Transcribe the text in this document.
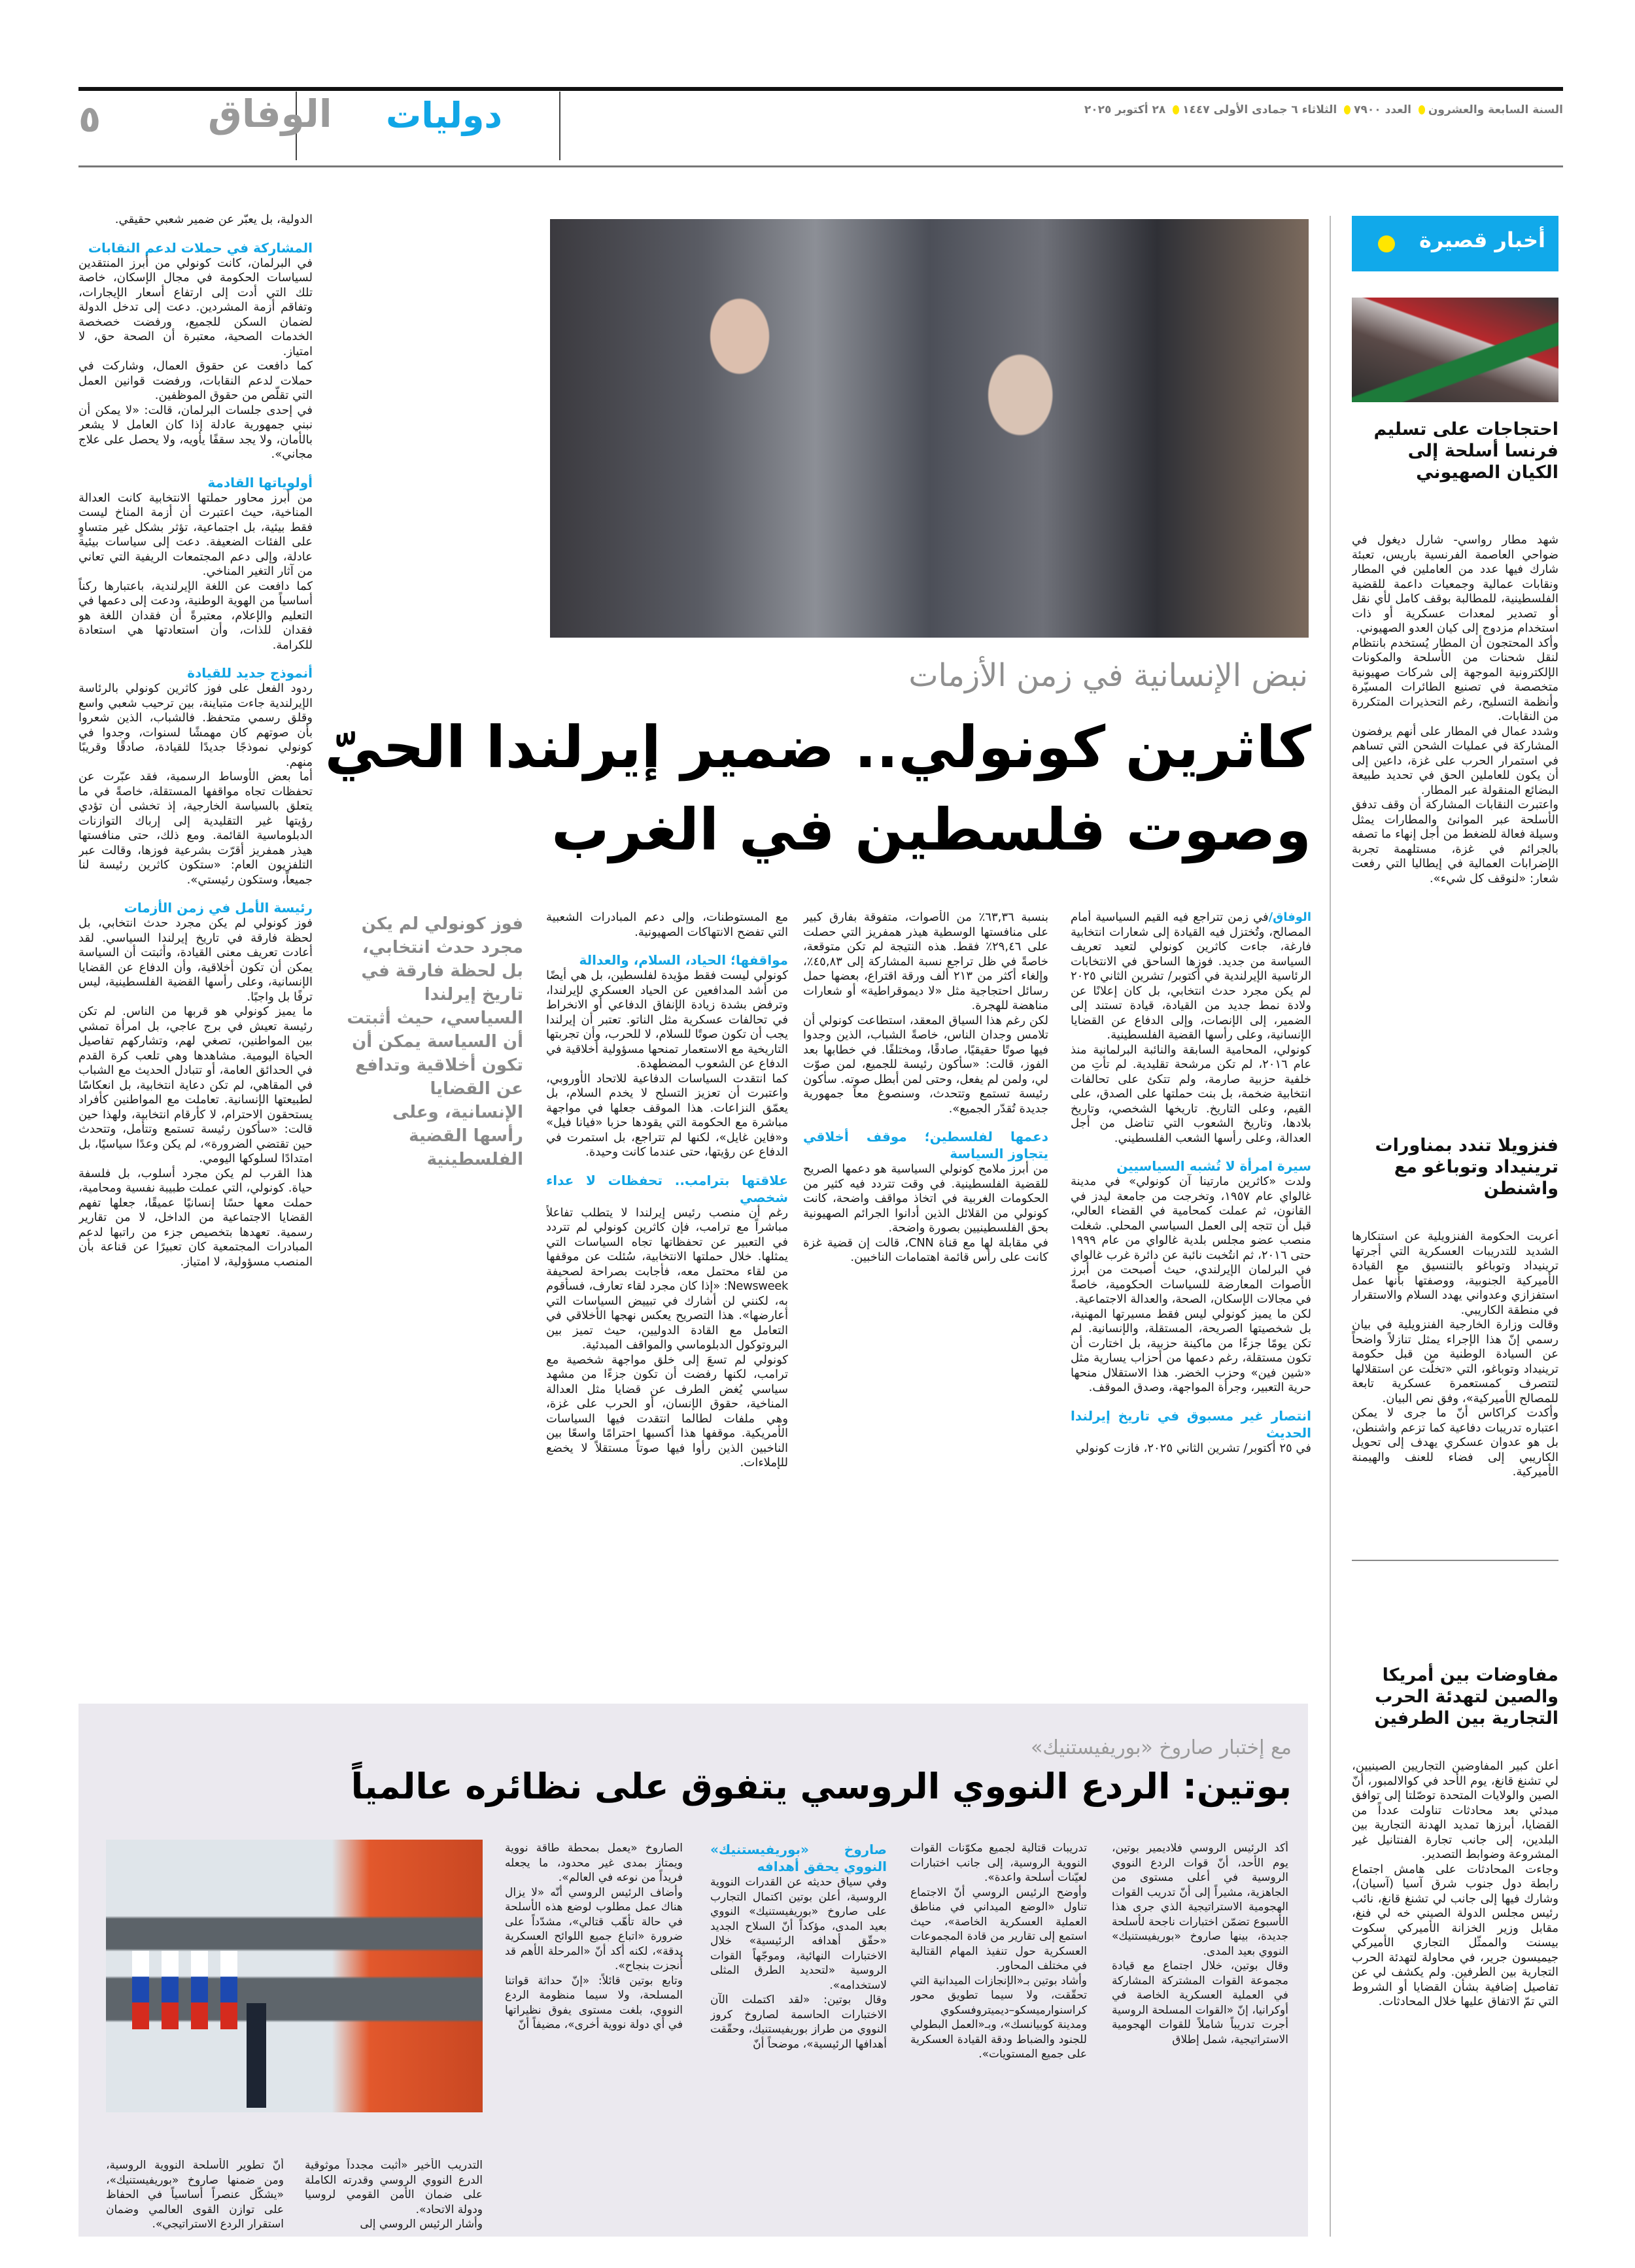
السنة السابعة والعشرون العدد ٧٩٠٠ الثلاثاء ٦ جمادى الأولى ١٤٤٧ ٢٨ أكتوبر ٢٠٢٥
دوليات
الوفاق
٥
أخبار قصيرة
احتجاجات على تسليم فرنسا أسلحة إلى الكيان الصهيوني

شهد مطار رواسي- شارل ديغول في ضواحي العاصمة الفرنسية باريس، تعبئة شارك فيها عدد من العاملين في المطار ونقابات عمالية وجمعيات داعمة للقضية الفلسطينية، للمطالبة بوقف كامل لأي نقل أو تصدير لمعدات عسكرية أو ذات استخدام مزدوج إلى كيان العدو الصهيوني.

وأكد المحتجون أن المطار يُستخدم بانتظام لنقل شحنات من الأسلحة والمكونات الإلكترونية الموجهة إلى شركات صهيونية متخصصة في تصنيع الطائرات المسيّرة وأنظمة التسليح، رغم التحذيرات المتكررة من النقابات.

وشدد عمال في المطار على أنهم يرفضون المشاركة في عمليات الشحن التي تساهم في استمرار الحرب على غزة، داعين إلى أن يكون للعاملين الحق في تحديد طبيعة البضائع المنقولة عبر المطار.

واعتبرت النقابات المشاركة أن وقف تدفق الأسلحة عبر الموانئ والمطارات يمثل وسيلة فعالة للضغط من أجل إنهاء ما تصفه بالجرائم في غزة، مستلهمة تجربة الإضرابات العمالية في إيطاليا التي رفعت شعار: «لنوقف كل شيء».

فنزويلا تندد بمناورات ترينيداد وتوباغو مع واشنطن

أعربت الحكومة الفنزويلية عن استنكارها الشديد للتدريبات العسكرية التي أجرتها ترينيداد وتوباغو بالتنسيق مع القيادة الأميركية الجنوبية، ووصفتها بأنها عمل استفزازي وعدواني يهدد السلام والاستقرار في منطقة الكاريبي.

وقالت وزارة الخارجية الفنزويلية في بيان رسمي إنّ هذا الإجراء يمثل تنازلاً واضحاً عن السيادة الوطنية من قبل حكومة ترينيداد وتوباغو، التي «تخلّت عن استقلالها لتتصرف كمستعمرة عسكرية تابعة للمصالح الأميركية»، وفق نص البيان.

وأكدت كراكاس أنّ ما جرى لا يمكن اعتباره تدريبات دفاعية كما تزعم واشنطن، بل هو عدوان عسكري يهدف إلى تحويل الكاريبي إلى فضاء للعنف والهيمنة الأميركية.

مفاوضات بين أمريكا والصين لتهدئة الحرب التجارية بين الطرفين

أعلن كبير المفاوضين التجاريين الصينيين، لي تشنغ قانغ، يوم الأحد في كوالالمبور، أنّ الصين والولايات المتحدة توصّلتا إلى توافق مبدئي بعد محادثات تناولت عدداً من القضايا، أبرزها تمديد الهدنة التجارية بين البلدين، إلى جانب تجارة الفنتانيل غير المشروعة وضوابط التصدير.

وجاءت المحادثات على هامش اجتماع رابطة دول جنوب شرق آسيا (آسيان)، وشارك فيها إلى جانب لي تشنغ قانغ، نائب رئيس مجلس الدولة الصيني خه لي فنغ، مقابل وزير الخزانة الأميركي سكوت بيسنت والممثّل التجاري الأميركي جيميسون جرير، في محاولة لتهدئة الحرب التجارية بين الطرفين. ولم يكشف لي عن تفاصيل إضافية بشأن القضايا أو الشروط التي تمّ الاتفاق عليها خلال المحادثات.

نبض الإنسانية في زمن الأزمات
كاثرين كونولي.. ضمير إيرلندا الحيّ
وصوت فلسطين في الغرب
فوز كونولي لم يكن مجرد حدث انتخابي، بل لحظة فارقة في تاريخ إيرلندا السياسي، حيث أثبتت أن السياسة يمكن أن تكون أخلاقية وتدافع عن القضايا الإنسانية، وعلى رأسها القضية الفلسطينية

الوفاق/في زمن تتراجع فيه القيم السياسية أمام المصالح، وتُختزل فيه القيادة إلى شعارات انتخابية فارغة، جاءت كاثرين كونولي لتعيد تعريف السياسة من جديد. فوزها الساحق في الانتخابات الرئاسية الإيرلندية في أكتوبر/ تشرين الثاني ٢٠٢٥ لم يكن مجرد حدث انتخابي، بل كان إعلانًا عن ولادة نمط جديد من القيادة، قيادة تستند إلى الضمير، إلى الإنصات، وإلى الدفاع عن القضايا الإنسانية، وعلى رأسها القضية الفلسطينية.

كونولي، المحامية السابقة والنائبة البرلمانية منذ عام ٢٠١٦، لم تكن مرشحة تقليدية. لم تأتِ من خلفية حزبية صارمة، ولم تتكئ على تحالفات انتخابية ضخمة، بل بنت حملتها على الصدق، على القيم، وعلى التاريخ. تاريخها الشخصي، وتاريخ بلادها، وتاريخ الشعوب التي تناضل من أجل العدالة، وعلى رأسها الشعب الفلسطيني.

سيرة امرأة لا تُشبه السياسيين

ولدت «كاثرين مارتينا آن كونولي» في مدينة غالواي عام ١٩٥٧، وتخرجت من جامعة ليدز في القانون، ثم عملت كمحامية في القضاء العالي، قبل أن تتجه إلى العمل السياسي المحلي. شغلت منصب عضو مجلس بلدية غالواي من عام ١٩٩٩ حتى ٢٠١٦، ثم انتُخبت نائبة عن دائرة غرب غالواي في البرلمان الإيرلندي، حيث أصبحت من أبرز الأصوات المعارضة للسياسات الحكومية، خاصةً في مجالات الإسكان، الصحة، والعدالة الاجتماعية.

لكن ما يميز كونولي ليس فقط مسيرتها المهنية، بل شخصيتها الصريحة، المستقلة، والإنسانية. لم تكن يومًا جزءًا من ماكينة حزبية، بل اختارت أن تكون مستقلة، رغم دعمها من أحزاب يسارية مثل «شين فين» وحزب الخضر. هذا الاستقلال منحها حرية التعبير، وجرأة المواجهة، وصدق الموقف.

انتصار غير مسبوق في تاريخ إيرلندا الحديث

في ٢٥ أكتوبر/ تشرين الثاني ٢٠٢٥، فازت كونولي

بنسبة ٦٣,٣٦٪ من الأصوات، متفوقة بفارق كبير على منافستها الوسطية هيذر همفريز التي حصلت على ٢٩,٤٦٪ فقط. هذه النتيجة لم تكن متوقعة، خاصةً في ظل تراجع نسبة المشاركة إلى ٤٥,٨٣٪، وإلغاء أكثر من ٢١٣ ألف ورقة اقتراع، بعضها حمل رسائل احتجاجية مثل «لا ديموقراطية» أو شعارات مناهضة للهجرة.

لكن رغم هذا السياق المعقد، استطاعت كونولي أن تلامس وجدان الناس، خاصةً الشباب، الذين وجدوا فيها صوتًا حقيقيًا، صادقًا، ومختلفًا. في خطابها بعد الفوز، قالت: «سأكون رئيسة للجميع، لمن صوّت لي، ولمن لم يفعل، وحتى لمن أبطل صوته. سأكون رئيسة تستمع وتتحدث، وسنصوغ معاً جمهورية جديدة تُقدّر الجميع».

دعمها لفلسطين؛ موقف أخلاقي يتجاوز السياسة

من أبرز ملامح كونولي السياسية هو دعمها الصريح للقضية الفلسطينية. في وقت تتردد فيه كثير من الحكومات الغربية في اتخاذ مواقف واضحة، كانت كونولي من القلائل الذين أدانوا الجرائم الصهيونية بحق الفلسطينيين بصورة واضحة.

في مقابلة لها مع قناة CNN، قالت إن قضية غزة كانت على رأس قائمة اهتمامات الناخبين.

مع المستوطنات، وإلى دعم المبادرات الشعبية التي تفضح الانتهاكات الصهيونية.

مواقفها؛ الحياد، السلام، والعدالة

كونولي ليست فقط مؤيدة لفلسطين، بل هي أيضًا من أشد المدافعين عن الحياد العسكري لإيرلندا، وترفض بشدة زيادة الإنفاق الدفاعي أو الانخراط في تحالفات عسكرية مثل الناتو. تعتبر أن إيرلندا يجب أن تكون صوتًا للسلام، لا للحرب، وأن تجربتها التاريخية مع الاستعمار تمنحها مسؤولية أخلاقية في الدفاع عن الشعوب المضطهدة.

كما انتقدت السياسات الدفاعية للاتحاد الأوروبي، واعتبرت أن تعزيز التسلح لا يخدم السلام، بل يعمّق النزاعات. هذا الموقف جعلها في مواجهة مباشرة مع الحكومة التي يقودها حزبا «فيانا فيل» و«فاين غايل»، لكنها لم تتراجع، بل استمرت في الدفاع عن رؤيتها، حتى عندما كانت وحيدة.

علاقتها بترامب.. تحفظات لا عداء شخصي

رغم أن منصب رئيس إيرلندا لا يتطلب تفاعلاً مباشراً مع ترامب، فإن كاثرين كونولي لم تتردد في التعبير عن تحفظاتها تجاه السياسات التي يمثلها. خلال حملتها الانتخابية، سُئلت عن موقفها من لقاء محتمل معه، فأجابت بصراحة لصحيفة Newsweek: «إذا كان مجرد لقاء تعارف، فسأقوم به، لكنني لن أشارك في تبييض السياسات التي أعارضها». هذا التصريح يعكس نهجها الأخلاقي في التعامل مع القادة الدوليين، حيث تميز بين البروتوكول الدبلوماسي والمواقف المبدئية.

كونولي لم تسعَ إلى خلق مواجهة شخصية مع ترامب، لكنها رفضت أن تكون جزءًا من مشهد سياسي يُغض الطرف عن قضايا مثل العدالة المناخية، حقوق الإنسان، أو الحرب على غزة، وهي ملفات لطالما انتقدت فيها السياسات الأمريكية. موقفها هذا أكسبها احترامًا واسعًا بين الناخبين الذين رأوا فيها صوتاً مستقلاً لا يخضع للإملاءات.

الدولية، بل يعبّر عن ضمير شعبي حقيقي.

المشاركة في حملات لدعم النقابات

في البرلمان، كانت كونولي من أبرز المنتقدين لسياسات الحكومة في مجال الإسكان، خاصة تلك التي أدت إلى ارتفاع أسعار الإيجارات، وتفاقم أزمة المشردين. دعت إلى تدخل الدولة لضمان السكن للجميع، ورفضت خصخصة الخدمات الصحية، معتبرة أن الصحة حق، لا امتياز.

كما دافعت عن حقوق العمال، وشاركت في حملات لدعم النقابات، ورفضت قوانين العمل التي تقلّص من حقوق الموظفين.

في إحدى جلسات البرلمان، قالت: «لا يمكن أن نبني جمهورية عادلة إذا كان العامل لا يشعر بالأمان، ولا يجد سقفًا يأويه، ولا يحصل على علاج مجاني».

أولوياتها القادمة

من أبرز محاور حملتها الانتخابية كانت العدالة المناخية، حيث اعتبرت أن أزمة المناخ ليست فقط بيئية، بل اجتماعية، تؤثر بشكل غير متساوٍ على الفئات الضعيفة. دعت إلى سياسات بيئية عادلة، وإلى دعم المجتمعات الريفية التي تعاني من آثار التغير المناخي.

كما دافعت عن اللغة الإيرلندية، باعتبارها ركناً أساسياً من الهوية الوطنية، ودعت إلى دعمها في التعليم والإعلام، معتبرةً أن فقدان اللغة هو فقدان للذات، وأن استعادتها هي استعادة للكرامة.

أنموذج جديد للقيادة

ردود الفعل على فوز كاثرين كونولي بالرئاسة الإيرلندية جاءت متباينة، بين ترحيب شعبي واسع وقلق رسمي متحفظ. فالشباب، الذين شعروا بأن صوتهم كان مهمشًا لسنوات، وجدوا في كونولي نموذجًا جديدًا للقيادة، صادقًا وقريبًا منهم.

أما بعض الأوساط الرسمية، فقد عبّرت عن تحفظات تجاه مواقفها المستقلة، خاصةً في ما يتعلق بالسياسة الخارجية، إذ تخشى أن تؤدي رؤيتها غير التقليدية إلى إرباك التوازنات الدبلوماسية القائمة. ومع ذلك، حتى منافستها هيذر همفريز أقرّت بشرعية فوزها، وقالت عبر التلفزيون العام: «ستكون كاثرين رئيسة لنا جميعاً، وستكون رئيستي».

رئيسة الأمل في زمن الأزمات

فوز كونولي لم يكن مجرد حدث انتخابي، بل لحظة فارقة في تاريخ إيرلندا السياسي. لقد أعادت تعريف معنى القيادة، وأثبتت أن السياسة يمكن أن تكون أخلاقية، وأن الدفاع عن القضايا الإنسانية، وعلى رأسها القضية الفلسطينية، ليس ترفًا بل واجبًا.

ما يميز كونولي هو قربها من الناس. لم تكن رئيسة تعيش في برج عاجي، بل امرأة تمشي بين المواطنين، تصغي لهم، وتشاركهم تفاصيل الحياة اليومية. مشاهدها وهي تلعب كرة القدم في الحدائق العامة، أو تتبادل الحديث مع الشباب في المقاهي، لم تكن دعاية انتخابية، بل انعكاسًا لطبيعتها الإنسانية. تعاملت مع المواطنين كأفراد يستحقون الاحترام، لا كأرقام انتخابية، ولهذا حين قالت: «سأكون رئيسة تستمع وتتأمل، وتتحدث حين تقتضي الضرورة»، لم يكن وعدًا سياسيًا، بل امتدادًا لسلوكها اليومي.

هذا القرب لم يكن مجرد أسلوب، بل فلسفة حياة. كونولي، التي عملت طبيبة نفسية ومحامية، حملت معها حسًا إنسانيًا عميقًا، جعلها تفهم القضايا الاجتماعية من الداخل، لا من تقارير رسمية. تعهدها بتخصيص جزء من راتبها لدعم المبادرات المجتمعية كان تعبيرًا عن قناعة بأن المنصب مسؤولية، لا امتياز.

مع إختبار صاروخ «بوريفيستنيك»
بوتين: الردع النووي الروسي يتفوق على نظائره عالمياً

أكد الرئيس الروسي فلاديمير بوتين، يوم الأحد، أنّ قوات الردع النووي الروسية في أعلى مستوى من الجاهزية، مشيراً إلى أنّ تدريب القوات الهجومية الاستراتيجية الذي جرى هذا الأسبوع تضمّن اختبارات ناجحة لأسلحة جديدة، بينها صاروخ «بوريفيستنيك» النووي بعيد المدى.

وقال بوتين، خلال اجتماع مع قيادة مجموعة القوات المشتركة المشاركة في العملية العسكرية الخاصة في أوكرانيا، إنّ «القوات المسلحة الروسية أجرت تدريباً شاملاً للقوات الهجومية الاستراتيجية، شمل إطلاق

تدريبات قتالية لجميع مكوّنات القوات النووية الروسية، إلى جانب اختبارات لعيّنات أسلحة واعدة».

وأوضح الرئيس الروسي أنّ الاجتماع تناول «الوضع الميداني في مناطق العملية العسكرية الخاصة»، حيث استمع إلى تقارير من قادة المجموعات العسكرية حول تنفيذ المهام القتالية في مختلف المحاور.

وأشاد بوتين بـ«الإنجازات الميدانية التي تحقّقت، ولا سيما تطويق محور كراسنوارميسكو–ديميتروفسكوي ومدينة كوبيانسك»، وبـ«العمل البطولي للجنود والضباط ودقة القيادة العسكرية على جميع المستويات».

صاروخ «بوريفيستنيك» النووي يحقق أهدافه

وفي سياق حديثه عن القدرات النووية الروسية، أعلن بوتين اكتمال التجارب على صاروخ «بوريفيستنيك» النووي بعيد المدى، مؤكداً أنّ السلاح الجديد «حقّق أهدافه الرئيسية» خلال الاختبارات النهائية، وموجّهاً القوات الروسية «لتحديد الطرق المثلى لاستخدامه».

وقال بوتين: «لقد اكتملت الآن الاختبارات الحاسمة لصاروخ كروز النووي من طراز بوريفيستنيك، وحقّقت أهدافها الرئيسية»، موضحاً أنّ

الصاروخ «يعمل بمحطة طاقة نووية ويمتاز بمدى غير محدود، ما يجعله فريداً من نوعه في العالم».

وأضاف الرئيس الروسي أنّه «لا يزال هناك عمل مطلوب لوضع هذه الأسلحة في حالة تأهّب قتالي»، مشدّداً على ضرورة «اتباع جميع اللوائح العسكرية بدقة»، لكنه أكد أنّ «المرحلة الأهم قد أُنجزت بنجاح».

وتابع بوتين قائلاً: «إنّ حداثة قواتنا المسلحة، ولا سيما منظومة الردع النووي، بلغت مستوى يفوق نظيراتها في أي دولة نووية أخرى»، مضيفاً أنّ

التدريب الأخير «أثبت مجدداً موثوقية الدرع النووي الروسي وقدرته الكاملة على ضمان الأمن القومي لروسيا ودولة الاتحاد».

وأشار الرئيس الروسي إلى

أنّ تطوير الأسلحة النووية الروسية، ومن ضمنها صاروخ «بوريفيستنيك»، «يشكّل عنصراً أساسياً في الحفاظ على توازن القوى العالمي وضمان استقرار الردع الاستراتيجي».
